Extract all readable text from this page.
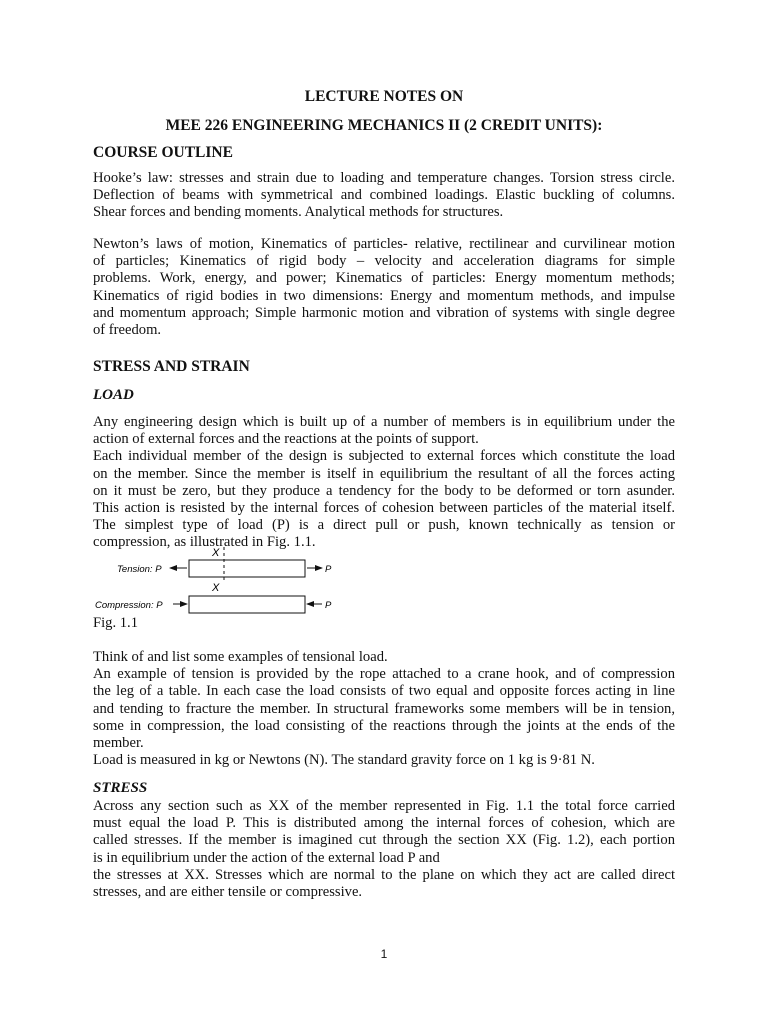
LECTURE NOTES ON
MEE 226 ENGINEERING MECHANICS II (2 CREDIT UNITS):
COURSE OUTLINE
Hooke’s law: stresses and strain due to loading and temperature changes. Torsion stress circle.
Deflection of beams with symmetrical and combined loadings. Elastic buckling of columns.
Shear forces and bending moments. Analytical methods for structures.
Newton’s laws of motion, Kinematics of particles- relative, rectilinear and curvilinear motion
of particles; Kinematics of rigid body – velocity and acceleration diagrams for simple
problems. Work, energy, and power; Kinematics of particles: Energy momentum methods;
Kinematics of rigid bodies in two dimensions: Energy and momentum methods, and impulse
and momentum approach; Simple harmonic motion and vibration of systems with single degree
of freedom.
STRESS AND STRAIN
LOAD
Any engineering design which is built up of a number of members is in equilibrium under the
action of external forces and the reactions at the points of support.
Each individual member of the design is subjected to external forces which constitute the load
on the member. Since the member is itself in equilibrium the resultant of all the forces acting
on it must be zero, but they produce a tendency for the body to be deformed or torn asunder.
This action is resisted by the internal forces of cohesion between particles of the material itself.
The simplest type of load (P) is a direct pull or push, known technically as tension or
compression, as illustrated in Fig. 1.1.
X
Tension: P	P
X
Compression: P	P
Fig. 1.1
Think of and list some examples of tensional load.
An example of tension is provided by the rope attached to a crane hook, and of compression
the leg of a table. In each case the load consists of two equal and opposite forces acting in line
and tending to fracture the member. In structural frameworks some members will be in tension,
some in compression, the load consisting of the reactions through the joints at the ends of the
member.
Load is measured in kg or Newtons (N). The standard gravity force on 1 kg is 9·81 N.
STRESS
Across any section such as XX of the member represented in Fig. 1.1 the total force carried
must equal the load P. This is distributed among the internal forces of cohesion, which are
called stresses. If the member is imagined cut through the section XX (Fig. 1.2), each portion
is in equilibrium under the action of the external load P and
the stresses at XX. Stresses which are normal to the plane on which they act are called direct
stresses, and are either tensile or compressive.
1
